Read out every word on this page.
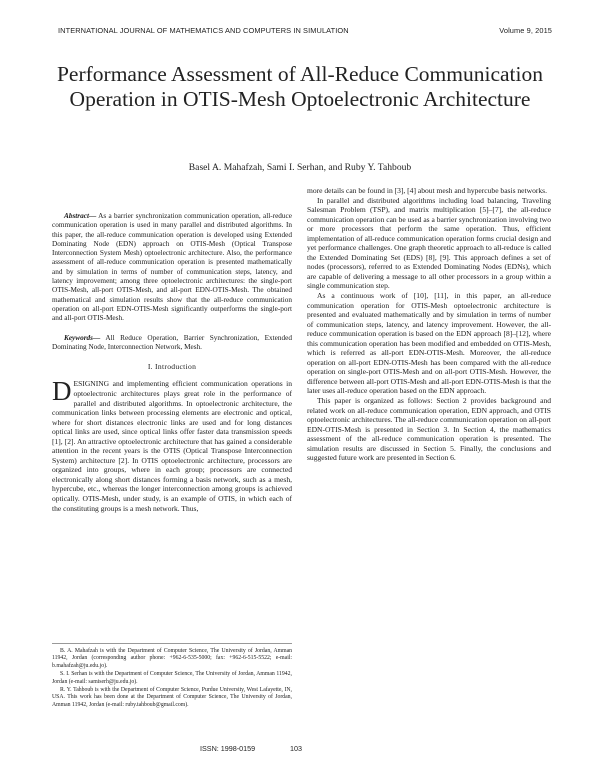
INTERNATIONAL JOURNAL OF MATHEMATICS AND COMPUTERS IN SIMULATION	Volume 9, 2015
Performance Assessment of All-Reduce Communication Operation in OTIS-Mesh Optoelectronic Architecture
Basel A. Mahafzah, Sami I. Serhan, and Ruby Y. Tahboub

Abstract— As a barrier synchronization communication operation, all-reduce communication operation is used in many parallel and distributed algorithms. In this paper, the all-reduce communication operation is developed using Extended Dominating Node (EDN) approach on OTIS-Mesh (Optical Transpose Interconnection System Mesh) optoelectronic architecture. Also, the performance assessment of all-reduce communication operation is presented mathematically and by simulation in terms of number of communication steps, latency, and latency improvement; among three optoelectronic architectures: the single-port OTIS-Mesh, all-port OTIS-Mesh, and all-port EDN-OTIS-Mesh. The obtained mathematical and simulation results show that the all-reduce communication operation on all-port EDN-OTIS-Mesh significantly outperforms the single-port and all-port OTIS-Mesh.

Keywords— All Reduce Operation, Barrier Synchronization, Extended Dominating Node, Interconnection Network, Mesh.

I. Introduction

DESIGNING and implementing efficient communication operations in optoelectronic architectures plays great role in the performance of parallel and distributed algorithms. In optoelectronic architecture, the communication links between processing elements are electronic and optical, where for short distances electronic links are used and for long distances optical links are used, since optical links offer faster data transmission speeds [1], [2]. An attractive optoelectronic architecture that has gained a considerable attention in the recent years is the OTIS (Optical Transpose Interconnection System) architecture [2]. In OTIS optoelectronic architecture, processors are organized into groups, where in each group; processors are connected electronically along short distances forming a basis network, such as a mesh, hypercube, etc., whereas the longer interconnection among groups is achieved optically. OTIS-Mesh, under study, is an example of OTIS, in which each of the constituting groups is a mesh network. Thus,

more details can be found in [3], [4] about mesh and hypercube basis networks.

In parallel and distributed algorithms including load balancing, Traveling Salesman Problem (TSP), and matrix multiplication [5]–[7], the all-reduce communication operation can be used as a barrier synchronization involving two or more processors that perform the same operation. Thus, efficient implementation of all-reduce communication operation forms crucial design and yet performance challenges. One graph theoretic approach to all-reduce is called the Extended Dominating Set (EDS) [8], [9]. This approach defines a set of nodes (processors), referred to as Extended Dominating Nodes (EDNs), which are capable of delivering a message to all other processors in a group within a single communication step.

As a continuous work of [10], [11], in this paper, an all-reduce communication operation for OTIS-Mesh optoelectronic architecture is presented and evaluated mathematically and by simulation in terms of number of communication steps, latency, and latency improvement. However, the all-reduce communication operation is based on the EDN approach [8]–[12], where this communication operation has been modified and embedded on OTIS-Mesh, which is referred as all-port EDN-OTIS-Mesh. Moreover, the all-reduce operation on all-port EDN-OTIS-Mesh has been compared with the all-reduce operation on single-port OTIS-Mesh and on all-port OTIS-Mesh. However, the difference between all-port OTIS-Mesh and all-port EDN-OTIS-Mesh is that the later uses all-reduce operation based on the EDN approach.

This paper is organized as follows: Section 2 provides background and related work on all-reduce communication operation, EDN approach, and OTIS optoelectronic architectures. The all-reduce communication operation on all-port EDN-OTIS-Mesh is presented in Section 3. In Section 4, the mathematics assessment of the all-reduce communication operation is presented. The simulation results are discussed in Section 5. Finally, the conclusions and suggested future work are presented in Section 6.

B. A. Mahafzah is with the Department of Computer Science, The University of Jordan, Amman 11942, Jordan (corresponding author phone: +962-6-535-5000; fax: +962-6-515-5522; e-mail: b.mahafzah@ju.edu.jo).

S. I. Serhan is with the Department of Computer Science, The University of Jordan, Amman 11942, Jordan (e-mail: samiserh@ju.edu.jo).

R. Y. Tahboub is with the Department of Computer Science, Purdue University, West Lafayette, IN, USA. This work has been done at the Department of Computer Science, The University of Jordan, Amman 11942, Jordan (e-mail: ruby.tahboub@gmail.com).

ISSN: 1998-0159	103
